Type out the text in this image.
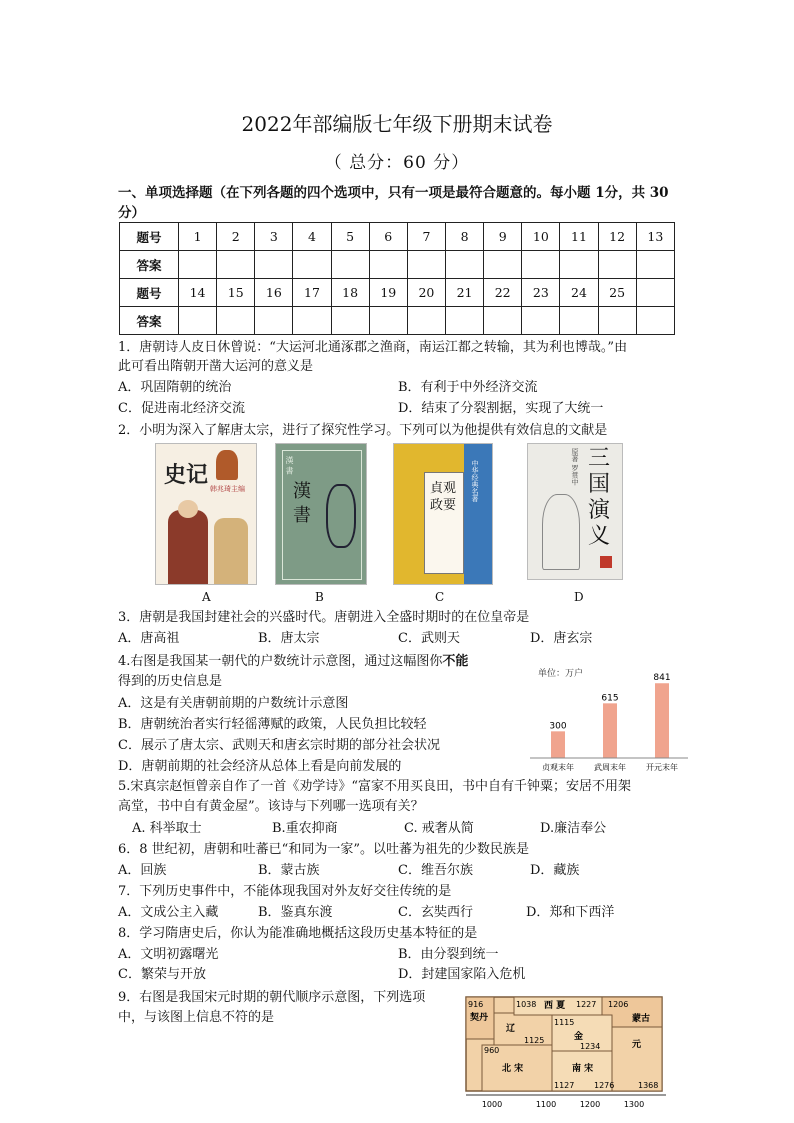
2022年部编版七年级下册期末试卷
（ 总分：60 分）
一、单项选择题（在下列各题的四个选项中，只有一项是最符合题意的。每小题 1分，共 30
分）
题号	1	2	3	4	5	6	7	8	9	10	11	12	13
答案													
题号	14	15	16	17	18	19	20	21	22	23	24	25	
答案													
1．唐朝诗人皮日休曾说：“大运河北通涿郡之渔商，南运江都之转输，其为利也博哉。”由
此可看出隋朝开凿大运河的意义是
A．巩固隋朝的统治	B．有利于中外经济交流
C．促进南北经济交流	D．结束了分裂割据，实现了大统一
2．小明为深入了解唐太宗，进行了探究性学习。下列可以为他提供有效信息的文献是
史记
韩兆琦主编	漢書
漢 書
貞观政要
中华经典名著
三国演义
原著 罗贯中
A	B	C	D
3．唐朝是我国封建社会的兴盛时代。唐朝进入全盛时期时的在位皇帝是
A．唐高祖	B．唐太宗	C．武则天	D．唐玄宗
4.右图是我国某一朝代的户数统计示意图，通过这幅图你不能
得到的历史信息是
A．这是有关唐朝前期的户数统计示意图
B．唐朝统治者实行轻徭薄赋的政策，人民负担比较轻
C．展示了唐太宗、武则天和唐玄宗时期的部分社会状况
D．唐朝前期的社会经济从总体上看是向前发展的
单位：万户
300
贞观末年
615
武周末年
841
开元末年
5.宋真宗赵恒曾亲自作了一首《劝学诗》“富家不用买良田，书中自有千钟粟；安居不用架
高堂，书中自有黄金屋”。该诗与下列哪一选项有关？
A. 科举取士	B.重农抑商	C. 戒奢从简	D.廉洁奉公
6．8 世纪初，唐朝和吐蕃已“和同为一家”。以吐蕃为祖先的少数民族是
A．回族	B．蒙古族	C．维吾尔族	D．藏族
7．下列历史事件中，不能体现我国对外友好交往传统的是
A．文成公主入藏	B．鉴真东渡	C．玄奘西行	D．郑和下西洋
8．学习隋唐史后，你认为能准确地概括这段历史基本特征的是
A．文明初露曙光	B．由分裂到统一
C．繁荣与开放	D．封建国家陷入危机
9．右图是我国宋元时期的朝代顺序示意图，下列选项
中，与该图上信息不符的是
916
契丹
1038 西 夏 1227 1206
蒙古
辽
1115
1125	金
1234	元
960
北 宋	南 宋
1127 1276	1368
1000	1100	1200	1300
